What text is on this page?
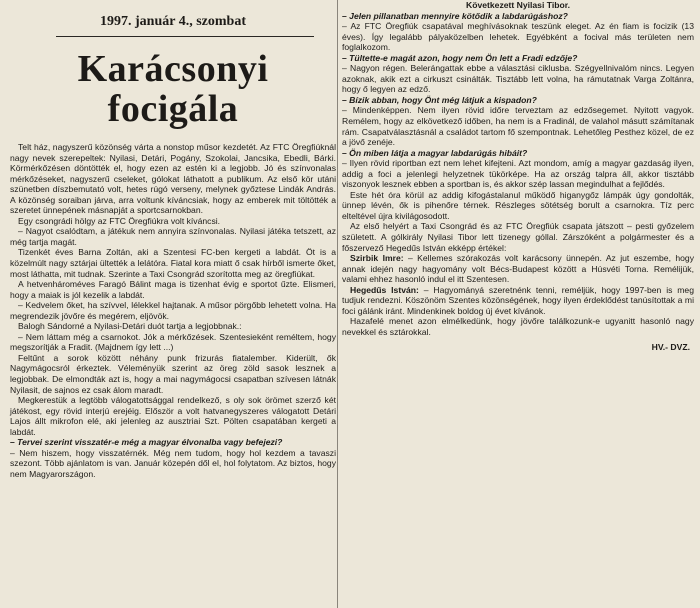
1997. január 4., szombat
Karácsonyi
focigála

Telt ház, nagyszerű közönség várta a nonstop műsor kezdetét. Az FTC Öregfiúknál nagy nevek szerepeltek: Nyilasi, Detári, Pogány, Szokolai, Jancsika, Ebedli, Bárki. Körmérkőzésen döntötték el, hogy ezen az estén ki a legjobb. Jó és színvonalas mérkőzéseket, nagyszerű cseleket, gólokat láthatott a publikum. Az első kör utáni szünetben díszbemutató volt, hetes rúgó verseny, melynek győztese Lindák András. A közönség soraiban járva, arra voltunk kíváncsiak, hogy az emberek mit töltötték a szeretet ünnepének másnapját a sportcsarnokban.

Egy csongrádi hölgy az FTC Öregfiúkra volt kíváncsi.

– Nagyot csalódtam, a játékuk nem annyira színvonalas. Nyilasi játéka tetszett, az még tartja magát.

Tizenkét éves Barna Zoltán, aki a Szentesi FC-ben kergeti a labdát. Öt is a közelmúlt nagy sztárjai ültették a lelátóra. Fiatal kora miatt ő csak hírből ismerte őket, most láthatta, mit tudnak. Szerinte a Taxi Csongrád szorította meg az öregfiúkat.

A hetvenhároméves Faragó Bálint maga is tizenhat évig e sportot űzte. Elismeri, hogy a maiak is jól kezelik a labdát.

– Kedvelem őket, ha szívvel, lélekkel hajtanak. A műsor pörgőbb lehetett volna. Ha megrendezik jövőre és megérem, eljövök.

Balogh Sándorné a Nyilasi-Detári duót tartja a legjobbnak.:

– Nem láttam még a csarnokot. Jók a mérkőzések. Szentesieként reméltem, hogy megszorítják a Fradit. (Majdnem így lett ...)

Feltűnt a sorok között néhány punk frizurás fiatalember. Kiderült, ők Nagymágocsról érkeztek. Véleményük szerint az öreg zöld sasok lesznek a legjobbak. De elmondták azt is, hogy a mai nagymágocsi csapatban szívesen látnák Nyilasit, de sajnos ez csak álom maradt.

Megkerestük a legtöbb válogatottsággal rendelkező, s oly sok örömet szerző két játékost, egy rövid interjú erejéig. Először a volt hatvanegyszeres válogatott Detári Lajos állt mikrofon elé, aki jelenleg az ausztriai Szt. Pölten csapatában kergeti a labdát.

– Tervei szerint visszatér-e még a magyar élvonalba vagy befejezi?

– Nem hiszem, hogy visszatérnék. Még nem tudom, hogy hol kezdem a tavaszi szezont. Több ajánlatom is van. Január közepén dől el, hol folytatom. Az biztos, hogy nem Magyarországon.

Következett Nyilasi Tibor.

– Jelen pillanatban mennyire kötődik a labdarúgáshoz?

– Az FTC Öregfiúk csapatával meghívásoknak teszünk eleget. Az én fiam is focizik (13 éves). Így legalább pályaközelben lehetek. Egyébként a focival más területen nem foglalkozom.

– Tültette-e magát azon, hogy nem Ön lett a Fradi edzője?

– Nagyon régen. Belerángattak ebbe a választási ciklusba. Szégyellnivalóm nincs. Legyen azoknak, akik ezt a cirkuszt csinálták. Tisztább lett volna, ha rámutatnak Varga Zoltánra, hogy ő legyen az edző.

– Bízik abban, hogy Önt még látjuk a kispadon?

– Mindenképpen. Nem ilyen rövid időre terveztam az edzősegemet. Nyitott vagyok. Remélem, hogy az elkövetkező időben, ha nem is a Fradinál, de valahol másutt számítanak rám. Csapatválasztásnál a családot tartom fő szempontnak. Lehetőleg Pesthez közel, de ez a jövő zenéje.

– Ön miben látja a magyar labdarúgás hibáit?

– Ilyen rövid riportban ezt nem lehet kifejteni. Azt mondom, amíg a magyar gazdaság ilyen, addig a foci a jelenlegi helyzetnek tükörképe. Ha az ország talpra áll, akkor tisztább viszonyok lesznek ebben a sportban is, és akkor szép lassan megindulhat a fejlődés.

Este hét óra körül az addig kifogástalanul működő higanygőz lámpák úgy gondolták, ünnep lévén, ők is pihenőre térnek. Részleges sötétség borult a csarnokra. Tíz perc elteltével újra kivilágosodott.

Az első helyért a Taxi Csongrád és az FTC Öregfiúk csapata játszott – pesti győzelem született. A gólkirály Nyilasi Tibor lett tizenegy góllal. Zárszóként a polgármester és a főszervező Hegedűs István ekképp értékel:

Szirbik Imre: – Kellemes szórakozás volt karácsony ünnepén. Az jut eszembe, hogy annak idején nagy hagyomány volt Bécs-Budapest között a Húsvéti Torna. Remélijük, valami ehhez hasonló indul el itt Szentesen.

Hegedűs István: – Hagyományá szeretnénk tenni, reméljük, hogy 1997-ben is meg tudjuk rendezni. Köszönöm Szentes közönségének, hogy ilyen érdeklődést tanúsítottak a mi foci gálánk iránt. Mindenkinek boldog új évet kívánok.

Hazafelé menet azon elmélkedünk, hogy jövőre találkozunk-e ugyanitt hasonló nagy nevekkel és sztárokkal.

HV.- DVZ.
